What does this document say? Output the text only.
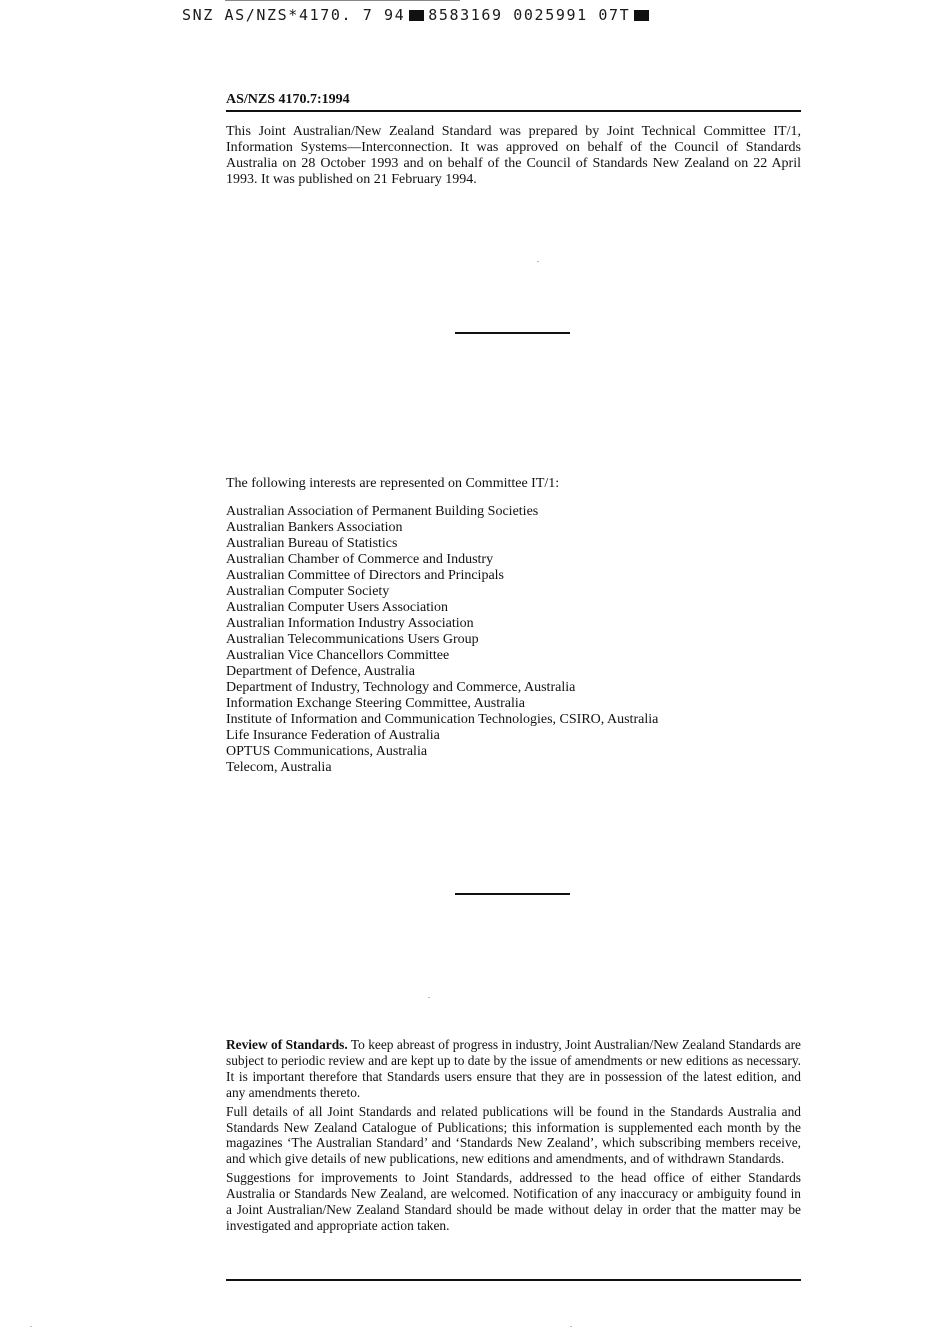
SNZ AS/NZS*4170. 7 94 8583169 0025991 07T
AS/NZS 4170.7:1994

This Joint Australian/New Zealand Standard was prepared by Joint Technical Committee IT/1, Information Systems—Interconnection. It was approved on behalf of the Council of Standards Australia on 28 October 1993 and on behalf of the Council of Standards New Zealand on 22 April 1993. It was published on 21 February 1994.

The following interests are represented on Committee IT/1:
Australian Association of Permanent Building Societies
Australian Bankers Association
Australian Bureau of Statistics
Australian Chamber of Commerce and Industry
Australian Committee of Directors and Principals
Australian Computer Society
Australian Computer Users Association
Australian Information Industry Association
Australian Telecommunications Users Group
Australian Vice Chancellors Committee
Department of Defence, Australia
Department of Industry, Technology and Commerce, Australia
Information Exchange Steering Committee, Australia
Institute of Information and Communication Technologies, CSIRO, Australia
Life Insurance Federation of Australia
OPTUS Communications, Australia
Telecom, Australia

Review of Standards. To keep abreast of progress in industry, Joint Australian/New Zealand Standards are subject to periodic review and are kept up to date by the issue of amendments or new editions as necessary. It is important therefore that Standards users ensure that they are in possession of the latest edition, and any amendments thereto.

Full details of all Joint Standards and related publications will be found in the Standards Australia and Standards New Zealand Catalogue of Publications; this information is supplemented each month by the magazines ‘The Australian Standard’ and ‘Standards New Zealand’, which subscribing members receive, and which give details of new publications, new editions and amendments, and of withdrawn Standards.

Suggestions for improvements to Joint Standards, addressed to the head office of either Standards Australia or Standards New Zealand, are welcomed. Notification of any inaccuracy or ambiguity found in a Joint Australian/New Zealand Standard should be made without delay in order that the matter may be investigated and appropriate action taken.
